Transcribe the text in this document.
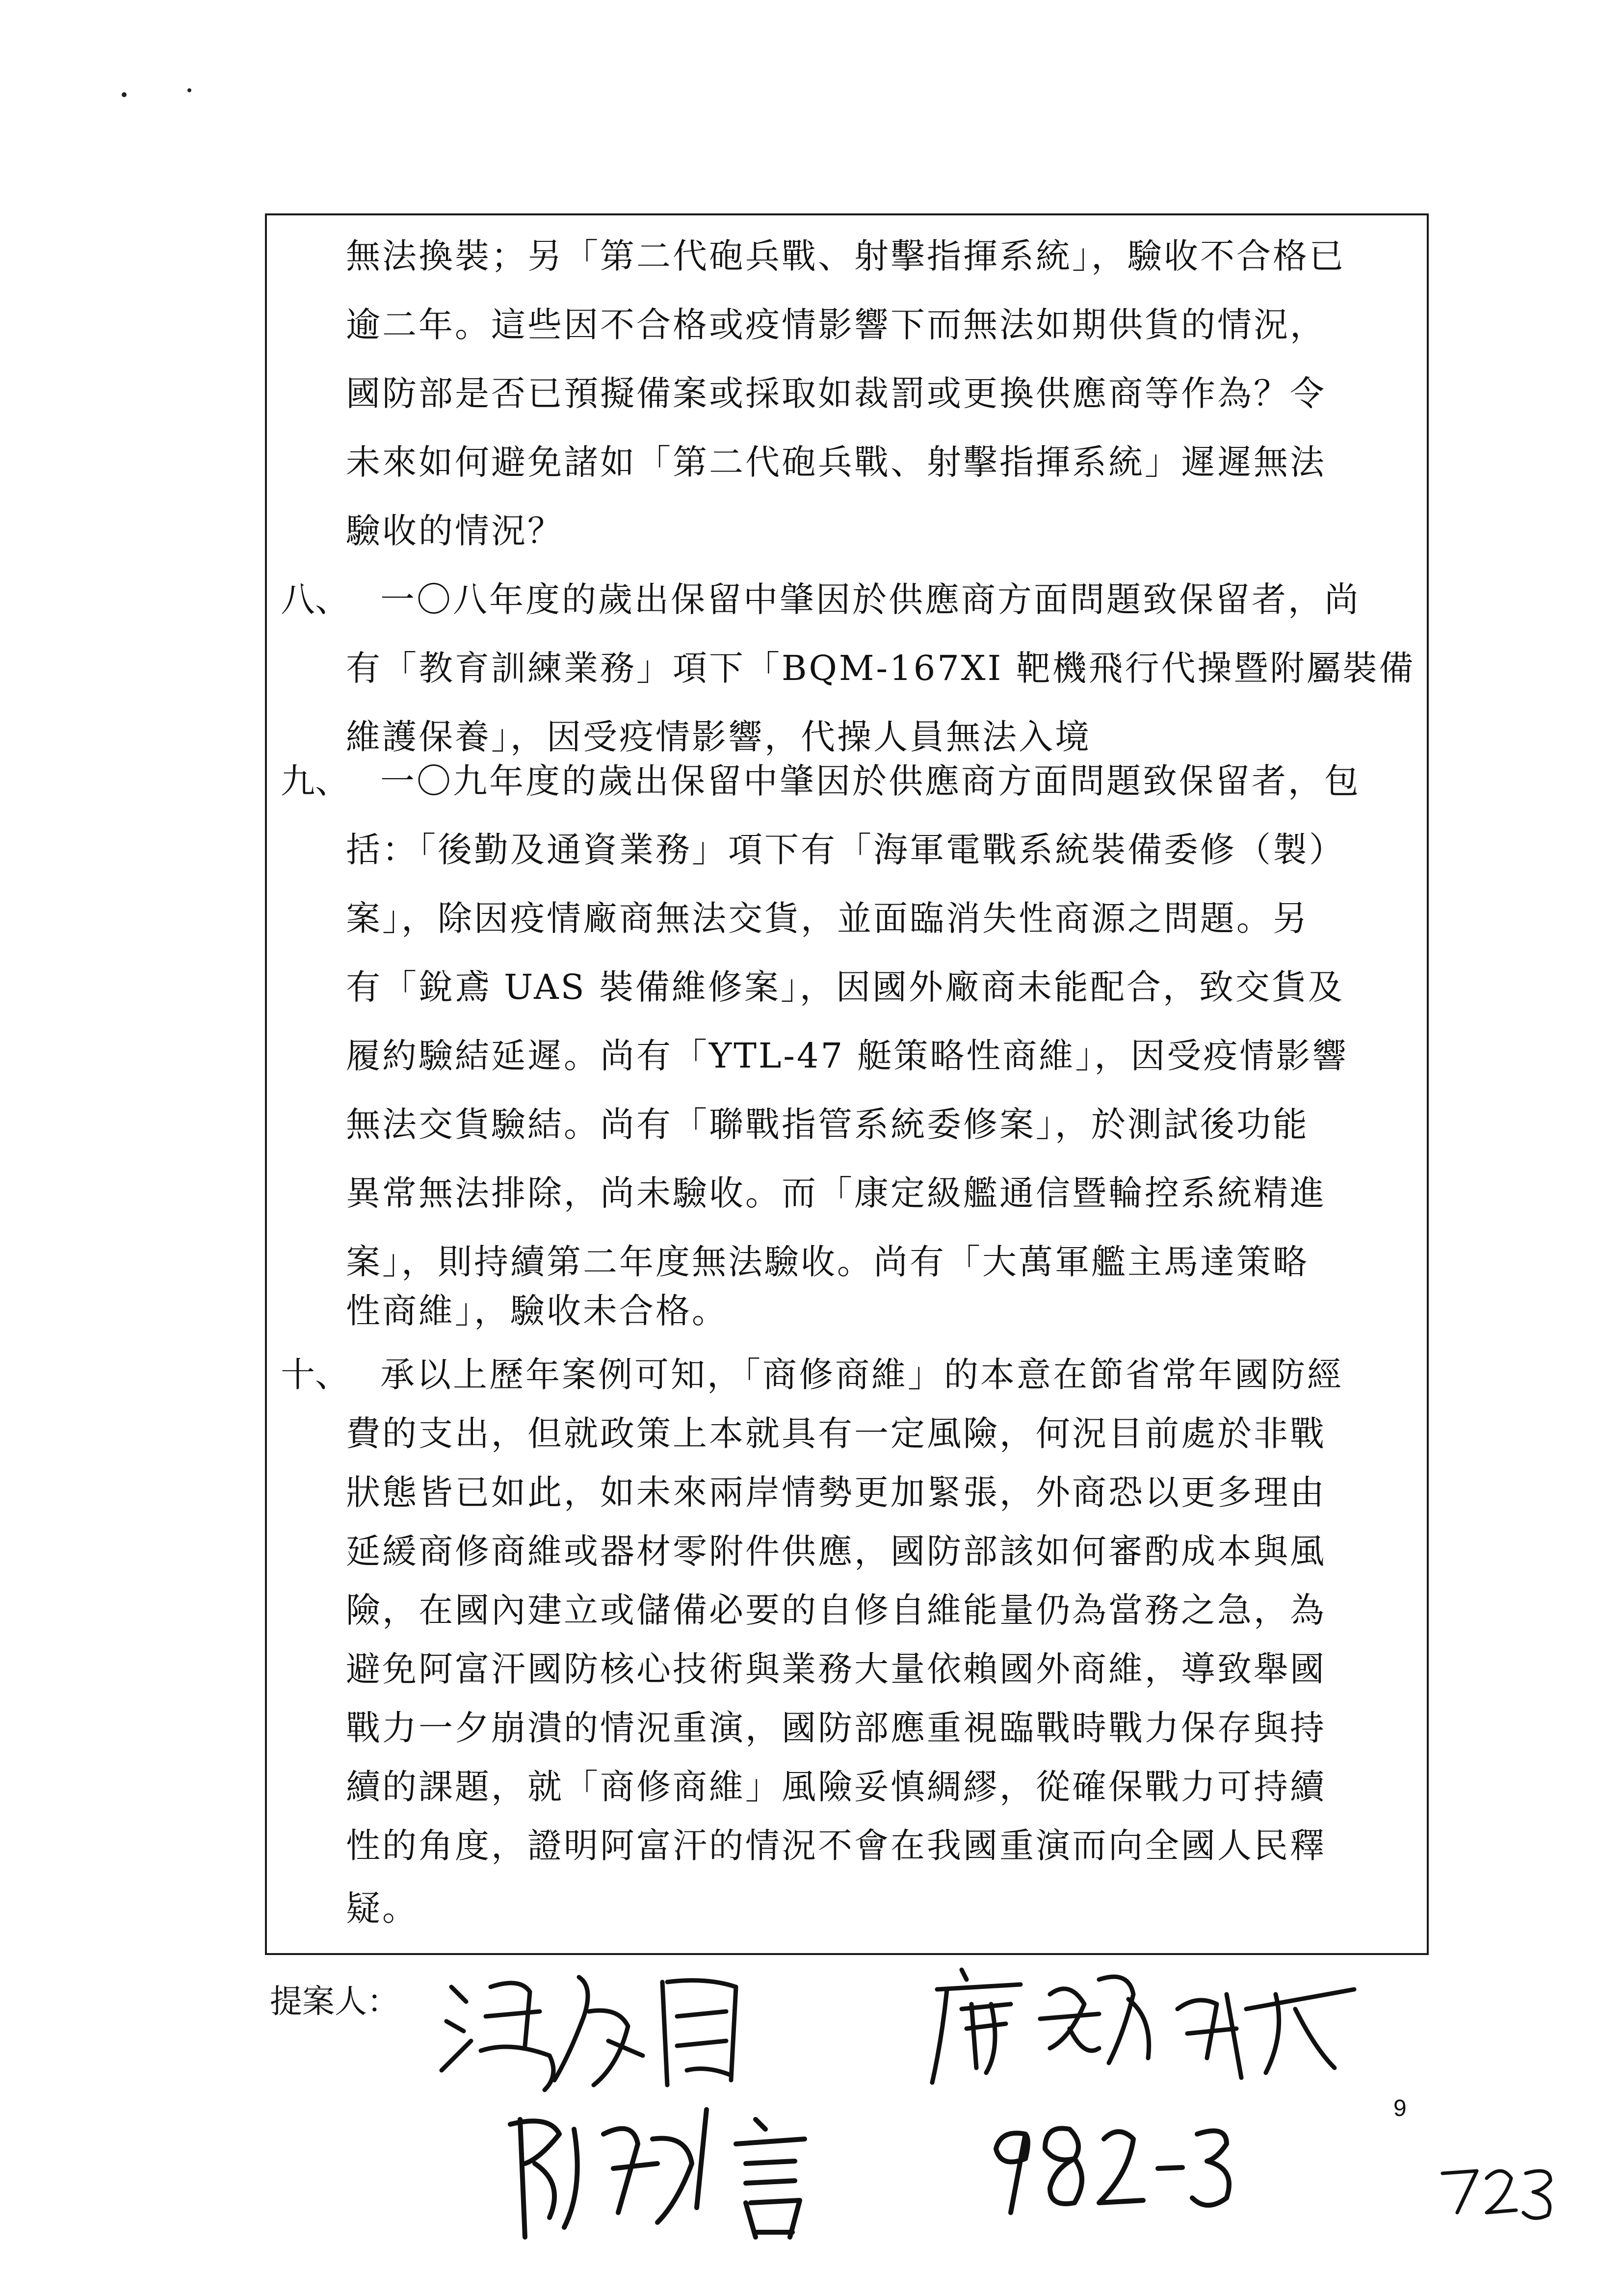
無法換裝；另「第二代砲兵戰、射擊指揮系統」，驗收不合格已
逾二年。這些因不合格或疫情影響下而無法如期供貨的情況，
國防部是否已預擬備案或採取如裁罰或更換供應商等作為？令
未來如何避免諸如「第二代砲兵戰、射擊指揮系統」遲遲無法
驗收的情況？
八、 一〇八年度的歲出保留中肇因於供應商方面問題致保留者，尚
有「教育訓練業務」項下「BQM-167XI 靶機飛行代操暨附屬裝備
維護保養」，因受疫情影響，代操人員無法入境
九、 一〇九年度的歲出保留中肇因於供應商方面問題致保留者，包
括：「後勤及通資業務」項下有「海軍電戰系統裝備委修（製）
案」，除因疫情廠商無法交貨，並面臨消失性商源之問題。另
有「銳鳶 UAS 裝備維修案」，因國外廠商未能配合，致交貨及
履約驗結延遲。尚有「YTL-47 艇策略性商維」，因受疫情影響
無法交貨驗結。尚有「聯戰指管系統委修案」，於測試後功能
異常無法排除，尚未驗收。而「康定級艦通信暨輪控系統精進
案」，則持續第二年度無法驗收。尚有「大萬軍艦主馬達策略
性商維」，驗收未合格。
十、 承以上歷年案例可知，「商修商維」的本意在節省常年國防經
費的支出，但就政策上本就具有一定風險，何況目前處於非戰
狀態皆已如此，如未來兩岸情勢更加緊張，外商恐以更多理由
延緩商修商維或器材零附件供應，國防部該如何審酌成本與風
險，在國內建立或儲備必要的自修自維能量仍為當務之急，為
避免阿富汗國防核心技術與業務大量依賴國外商維，導致舉國
戰力一夕崩潰的情況重演，國防部應重視臨戰時戰力保存與持
續的課題，就「商修商維」風險妥慎綢繆，從確保戰力可持續
性的角度，證明阿富汗的情況不會在我國重演而向全國人民釋
疑。
提案人：
9
